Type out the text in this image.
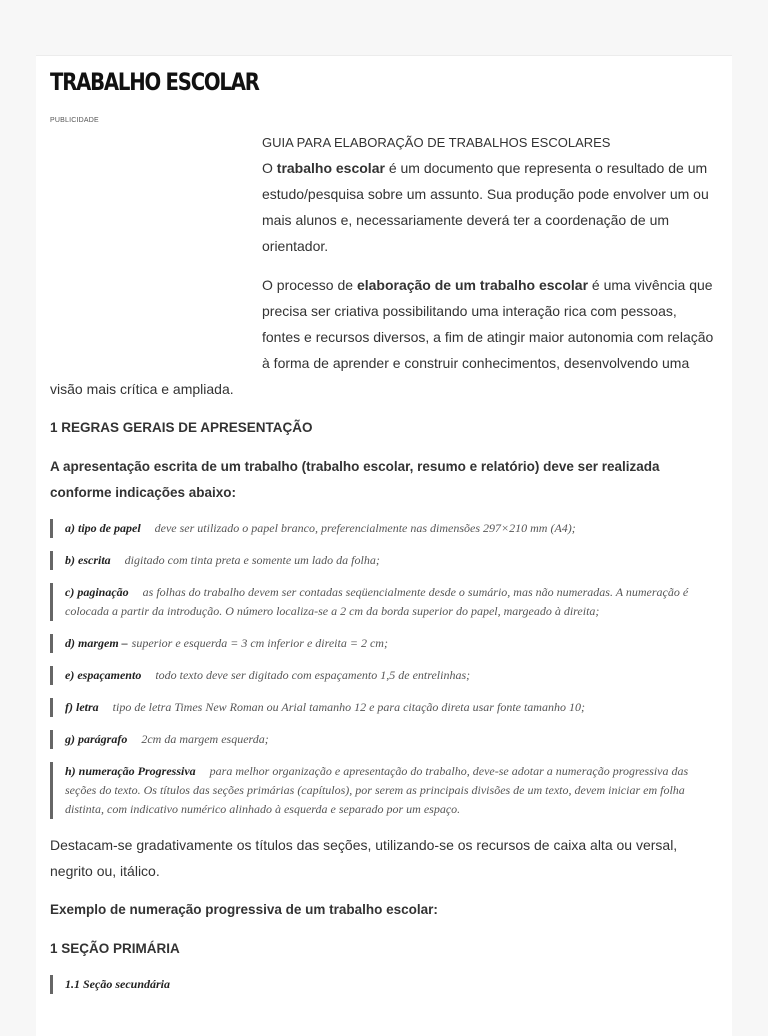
TRABALHO ESCOLAR
PUBLICIDADE
GUIA PARA ELABORAÇÃO DE TRABALHOS ESCOLARES

O trabalho escolar é um documento que representa o resultado de um estudo/pesquisa sobre um assunto. Sua produção pode envolver um ou mais alunos e, necessariamente deverá ter a coordenação de um orientador.

O processo de elaboração de um trabalho escolar é uma vivência que precisa ser criativa possibilitando uma interação rica com pessoas, fontes e recursos diversos, a fim de atingir maior autonomia com relação à forma de aprender e construir conhecimentos, desenvolvendo uma visão mais crítica e ampliada.

1 REGRAS GERAIS DE APRESENTAÇÃO
A apresentação escrita de um trabalho (trabalho escolar, resumo e relatório) deve ser realizada conforme indicações abaixo:
a) tipo de papel deve ser utilizado o papel branco, preferencialmente nas dimensões 297×210 mm (A4);
b) escrita digitado com tinta preta e somente um lado da folha;
c) paginação as folhas do trabalho devem ser contadas seqüencialmente desde o sumário, mas não numeradas. A numeração é colocada a partir da introdução. O número localiza-se a 2 cm da borda superior do papel, margeado à direita;
d) margem – superior e esquerda = 3 cm inferior e direita = 2 cm;
e) espaçamento todo texto deve ser digitado com espaçamento 1,5 de entrelinhas;
f) letra tipo de letra Times New Roman ou Arial tamanho 12 e para citação direta usar fonte tamanho 10;
g) parágrafo 2cm da margem esquerda;
h) numeração Progressiva para melhor organização e apresentação do trabalho, deve-se adotar a numeração progressiva das seções do texto. Os títulos das seções primárias (capítulos), por serem as principais divisões de um texto, devem iniciar em folha distinta, com indicativo numérico alinhado à esquerda e separado por um espaço.

Destacam-se gradativamente os títulos das seções, utilizando-se os recursos de caixa alta ou versal, negrito ou, itálico.

Exemplo de numeração progressiva de um trabalho escolar:
1 SEÇÃO PRIMÁRIA
1.1 Seção secundária
